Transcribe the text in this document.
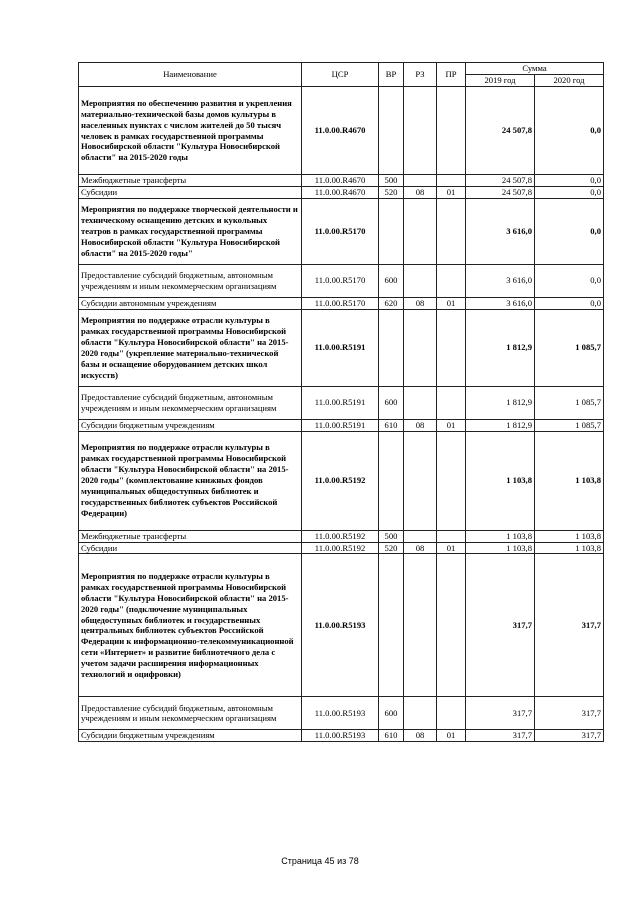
Наименование	ЦСР	ВР	РЗ	ПР	Сумма	
					2019 год	2020 год
Мероприятия по обеспечению развития и укрепления материально-технической базы домов культуры в населенных пунктах с числом жителей до 50 тысяч человек в рамках государственной программы Новосибирской области "Культура Новосибирской области" на 2015-2020 годы	11.0.00.R4670				24 507,8	0,0
Межбюджетные трансферты	11.0.00.R4670	500			24 507,8	0,0
Субсидии	11.0.00.R4670	520	08	01	24 507,8	0,0
Мероприятия по поддержке творческой деятельности и техническому оснащению детских и кукольных театров в рамках государственной программы Новосибирской области "Культура Новосибирской области" на 2015-2020 годы"	11.0.00.R5170				3 616,0	0,0
Предоставление субсидий бюджетным, автономным учреждениям и иным некоммерческим организациям	11.0.00.R5170	600			3 616,0	0,0
Субсидии автономным учреждениям	11.0.00.R5170	620	08	01	3 616,0	0,0
Мероприятия по поддержке отрасли культуры в рамках государственной программы Новосибирской области "Культура Новосибирской области" на 2015-2020 годы" (укрепление материально-технической базы и оснащение оборудованием детских школ искусств)	11.0.00.R5191				1 812,9	1 085,7
Предоставление субсидий бюджетным, автономным учреждениям и иным некоммерческим организациям	11.0.00.R5191	600			1 812,9	1 085,7
Субсидии бюджетным учреждениям	11.0.00.R5191	610	08	01	1 812,9	1 085,7
Мероприятия по поддержке отрасли культуры в рамках государственной программы Новосибирской области "Культура Новосибирской области" на 2015-2020 годы" (комплектование книжных фондов муниципальных общедоступных библиотек и государственных библиотек субъектов Российской Федерации)	11.0.00.R5192				1 103,8	1 103,8
Межбюджетные трансферты	11.0.00.R5192	500			1 103,8	1 103,8
Субсидии	11.0.00.R5192	520	08	01	1 103,8	1 103,8
Мероприятия по поддержке отрасли культуры в рамках государственной программы Новосибирской области "Культура Новосибирской области" на 2015-2020 годы" (подключение муниципальных общедоступных библиотек и государственных центральных библиотек субъектов Российской Федерации к информационно-телекоммуникационной сети «Интернет» и развитие библиотечного дела с учетом задачи расширения информационных технологий и оцифровки)	11.0.00.R5193				317,7	317,7
Предоставление субсидий бюджетным, автономным учреждениям и иным некоммерческим организациям	11.0.00.R5193	600			317,7	317,7
Субсидии бюджетным учреждениям	11.0.00.R5193	610	08	01	317,7	317,7
Страница 45 из 78
